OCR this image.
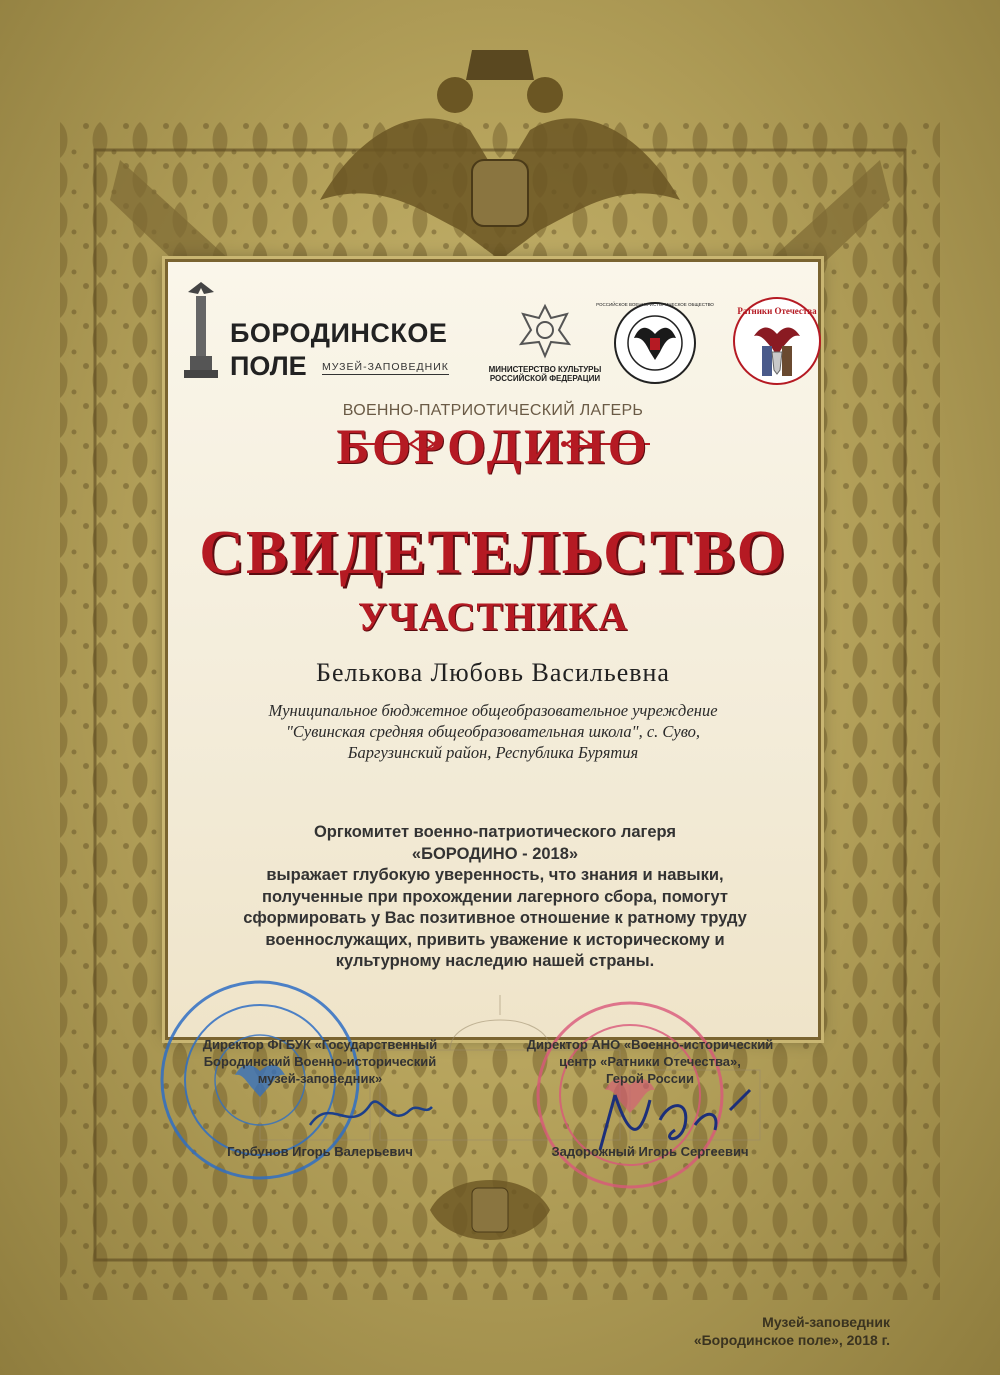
БОРОДИНСКОЕ
ПОЛЕ МУЗЕЙ-ЗАПОВЕДНИК	МИНИСТЕРСТВО КУЛЬТУРЫ РОССИЙСКОЙ ФЕДЕРАЦИИ
РОССИЙСКОЕ ВОЕННО-ИСТОРИЧЕСКОЕ ОБЩЕСТВО
Ратники Отечества
ВОЕННО-ПАТРИОТИЧЕСКИЙ ЛАГЕРЬ
БОРОДИНО
СВИДЕТЕЛЬСТВО
УЧАСТНИКА
Белькова Любовь Васильевна
Муниципальное бюджетное общеобразовательное учреждение
"Сувинская средняя общеобразовательная школа", с. Суво,
Баргузинский район, Республика Бурятия
Оргкомитет военно-патриотического лагеря
«БОРОДИНО - 2018»
выражает глубокую уверенность, что знания и навыки,
полученные при прохождении лагерного сбора, помогут
сформировать у Вас позитивное отношение к ратному труду
военнослужащих, привить уважение к историческому и
культурному наследию нашей страны.
Директор ФГБУК «Государственный
Бородинский Военно-исторический
музей-заповедник»
Директор АНО «Военно-исторический
центр «Ратники Отечества»,
Герой России
Горбунов Игорь Валерьевич	Задорожный Игорь Сергеевич
Музей-заповедник
«Бородинское поле», 2018 г.
